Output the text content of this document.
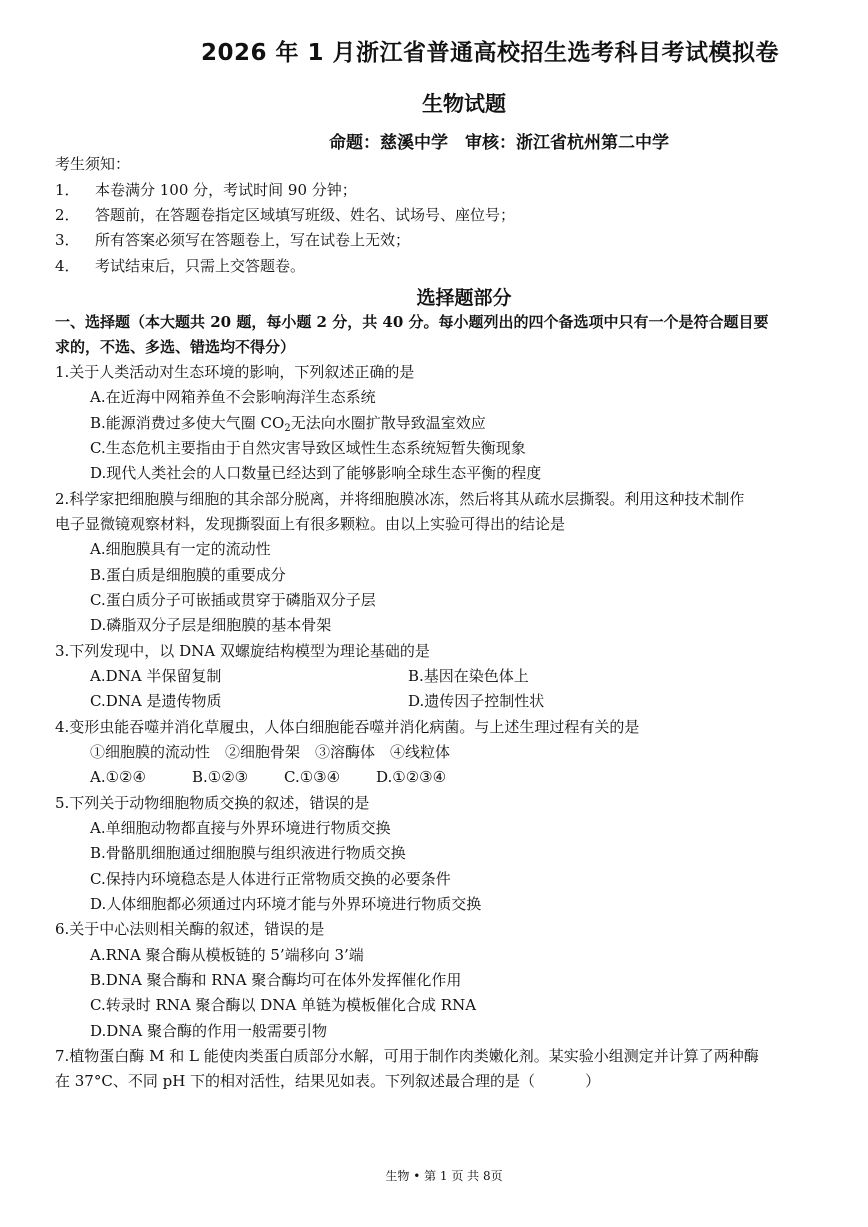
2026 年 1 月浙江省普通高校招生选考科目考试模拟卷
生物试题
命题：慈溪中学　审核：浙江省杭州第二中学
考生须知：
1． 本卷满分 100 分，考试时间 90 分钟；
2． 答题前，在答题卷指定区域填写班级、姓名、试场号、座位号；
3． 所有答案必须写在答题卷上，写在试卷上无效；
4． 考试结束后，只需上交答题卷。
选择题部分
一、选择题（本大题共 20 题，每小题 2 分，共 40 分。每小题列出的四个备选项中只有一个是符合题目要
求的，不选、多选、错选均不得分）
1.关于人类活动对生态环境的影响，下列叙述正确的是
A.在近海中网箱养鱼不会影响海洋生态系统
B.能源消费过多使大气圈 $CO_2$无法向水圈扩散导致温室效应
C.生态危机主要指由于自然灾害导致区域性生态系统短暂失衡现象
D.现代人类社会的人口数量已经达到了能够影响全球生态平衡的程度
2.科学家把细胞膜与细胞的其余部分脱离，并将细胞膜冰冻，然后将其从疏水层撕裂。利用这种技术制作
电子显微镜观察材料，发现撕裂面上有很多颗粒。由以上实验可得出的结论是
A.细胞膜具有一定的流动性
B.蛋白质是细胞膜的重要成分
C.蛋白质分子可嵌插或贯穿于磷脂双分子层
D.磷脂双分子层是细胞膜的基本骨架
3.下列发现中，以 DNA 双螺旋结构模型为理论基础的是
A.DNA 半保留复制	B.基因在染色体上
C.DNA 是遗传物质	D.遗传因子控制性状
4.变形虫能吞噬并消化草履虫，人体白细胞能吞噬并消化病菌。与上述生理过程有关的是
①细胞膜的流动性　②细胞骨架　③溶酶体　④线粒体
A.①②④	B.①②③ C.①③④ D.①②③④
5.下列关于动物细胞物质交换的叙述，错误的是
A.单细胞动物都直接与外界环境进行物质交换
B.骨骼肌细胞通过细胞膜与组织液进行物质交换
C.保持内环境稳态是人体进行正常物质交换的必要条件
D.人体细胞都必须通过内环境才能与外界环境进行物质交换
6.关于中心法则相关酶的叙述，错误的是
A.RNA 聚合酶从模板链的 5’端移向 3’端
B.DNA 聚合酶和 RNA 聚合酶均可在体外发挥催化作用
C.转录时 RNA 聚合酶以 DNA 单链为模板催化合成 RNA
D.DNA 聚合酶的作用一般需要引物
7.植物蛋白酶 M 和 L 能使肉类蛋白质部分水解，可用于制作肉类嫩化剂。某实验小组测定并计算了两种酶
在 37°C、不同 pH 下的相对活性，结果见如表。下列叙述最合理的是（	）
生物 • 第 1 页 共 8页
